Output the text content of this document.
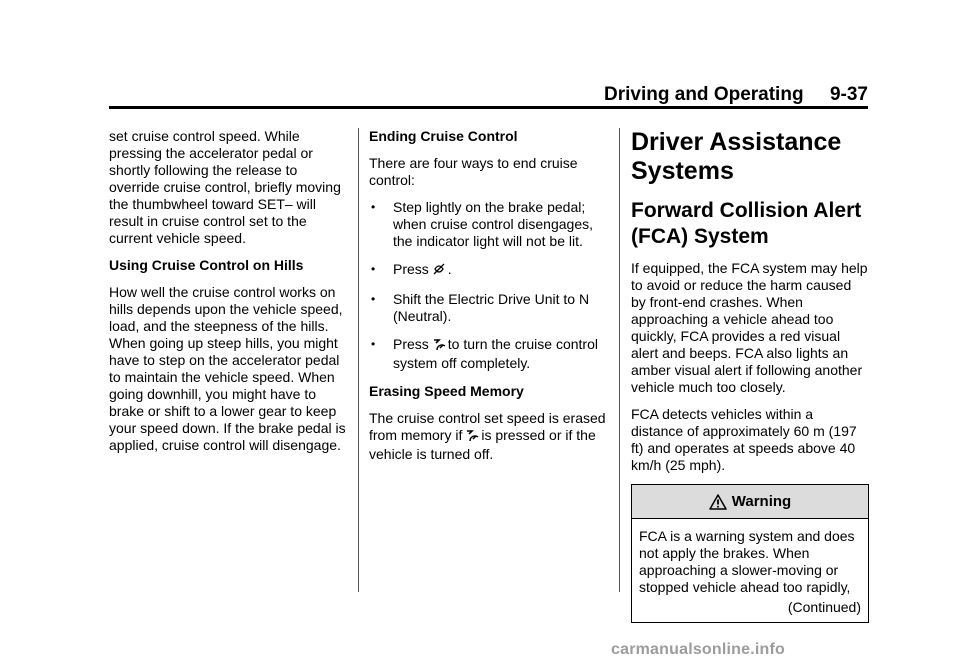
Driving and Operating 9-37

set cruise control speed. While pressing the accelerator pedal or shortly following the release to override cruise control, briefly moving the thumbwheel toward SET– will result in cruise control set to the current vehicle speed.

Using Cruise Control on Hills

How well the cruise control works on hills depends upon the vehicle speed, load, and the steepness of the hills. When going up steep hills, you might have to step on the accelerator pedal to maintain the vehicle speed. When going downhill, you might have to brake or shift to a lower gear to keep your speed down. If the brake pedal is applied, cruise control will disengage.

Ending Cruise Control

There are four ways to end cruise control:

• Step lightly on the brake pedal; when cruise control disengages, the indicator light will not be lit.
• Press .
• Shift the Electric Drive Unit to N (Neutral).
• Press to turn the cruise control system off completely.
Erasing Speed Memory

The cruise control set speed is erased from memory if is pressed or if the vehicle is turned off.

Driver Assistance Systems
Forward Collision Alert (FCA) System

If equipped, the FCA system may help to avoid or reduce the harm caused by front-end crashes. When approaching a vehicle ahead too quickly, FCA provides a red visual alert and beeps. FCA also lights an amber visual alert if following another vehicle much too closely.

FCA detects vehicles within a distance of approximately 60 m (197 ft) and operates at speeds above 40 km/h (25 mph).

Warning
FCA is a warning system and does not apply the brakes. When approaching a slower-moving or stopped vehicle ahead too rapidly,
(Continued)
carmanualsonline.info
